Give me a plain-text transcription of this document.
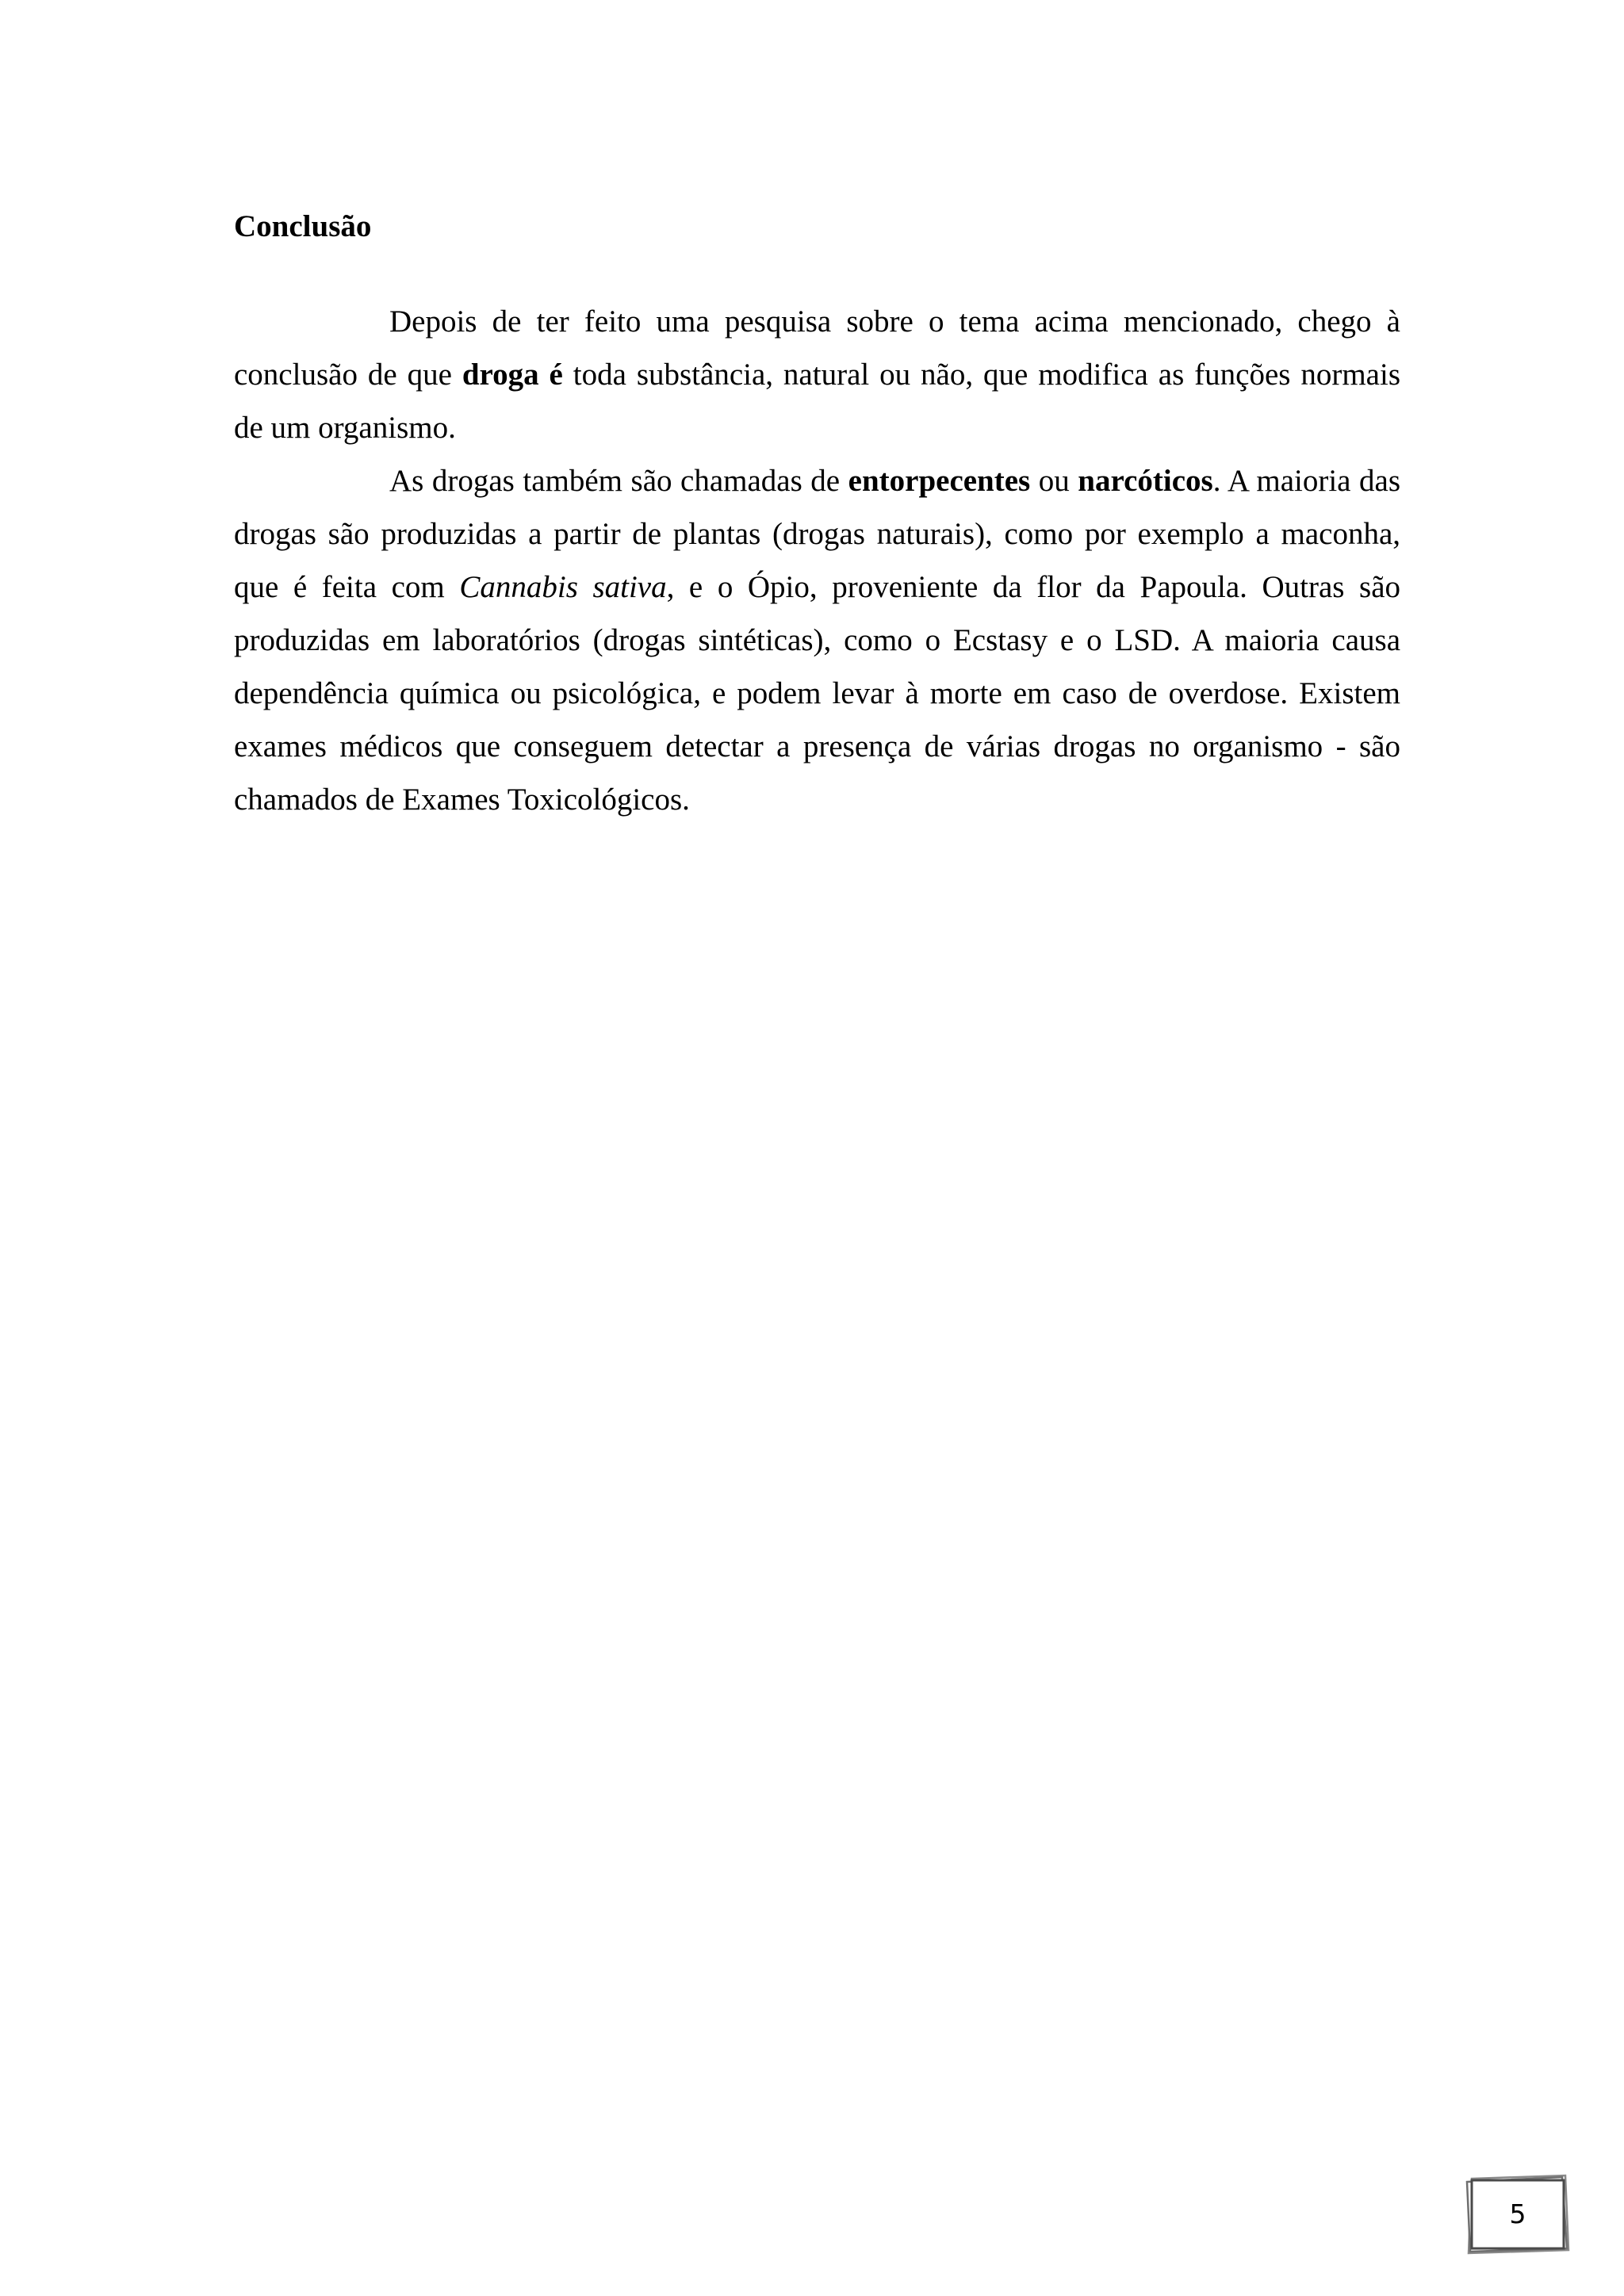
Conclusão

Depois de ter feito uma pesquisa sobre o tema acima mencionado, chego à conclusão de que droga é toda substância, natural ou não, que modifica as funções normais de um organismo.

As drogas também são chamadas de entorpecentes ou narcóticos. A maioria das drogas são produzidas a partir de plantas (drogas naturais), como por exemplo a maconha, que é feita com Cannabis sativa, e o Ópio, proveniente da flor da Papoula. Outras são produzidas em laboratórios (drogas sintéticas), como o Ecstasy e o LSD. A maioria causa dependência química ou psicológica, e podem levar à morte em caso de overdose. Existem exames médicos que conseguem detectar a presença de várias drogas no organismo - são chamados de Exames Toxicológicos.

5
